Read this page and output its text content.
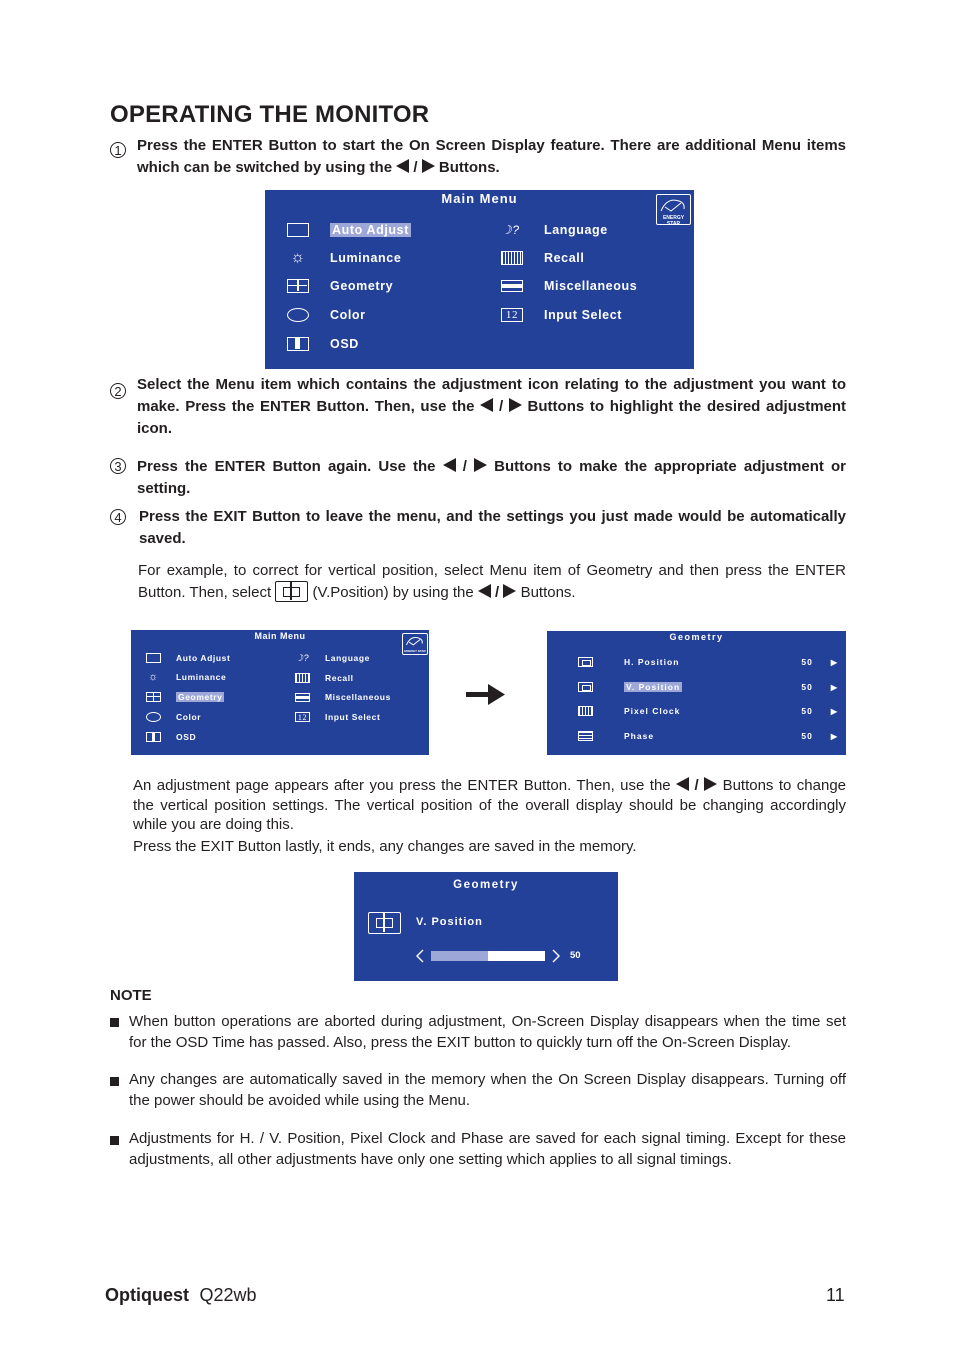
OPERATING THE MONITOR
1 Press the ENTER Button to start the On Screen Display feature. There are additional Menu items which can be switched by using the / Buttons.
Main Menu
ENERGY STAR
Auto Adjust
☼ Luminance
Geometry
Color
OSD
☽? Language
Recall
Miscellaneous
12	Input Select
2 Select the Menu item which contains the adjustment icon relating to the adjustment you want to make. Press the ENTER Button. Then, use the / Buttons to highlight the desired adjustment icon.
3 Press the ENTER Button again. Use the / Buttons to make the appropriate adjustment or setting.
4 Press the EXIT Button to leave the menu, and the settings you just made would be automatically saved.
For example, to correct for vertical position, select Menu item of Geometry and then press the ENTER Button. Then, select	(V.Position) by using the / Buttons.
Main Menu
ENERGY STAR
Auto Adjust
☼ Luminance
Geometry
Color
OSD
☽? Language
Recall
Miscellaneous
12	Input Select
Geometry
H. Position	50 ▶
V. Position	50 ▶
Pixel Clock	50 ▶
Phase	50 ▶
An adjustment page appears after you press the ENTER Button. Then, use the / Buttons to change the vertical position settings. The vertical position of the overall display should be changing accordingly while you are doing this.
Press the EXIT Button lastly, it ends, any changes are saved in the memory.
Geometry
V. Position
50
NOTE
When button operations are aborted during adjustment, On-Screen Display disappears when the time set for the OSD Time has passed. Also, press the EXIT button to quickly turn off the On-Screen Display.
Any changes are automatically saved in the memory when the On Screen Display disappears. Turning off the power should be avoided while using the Menu.
Adjustments for H. / V. Position, Pixel Clock and Phase are saved for each signal timing. Except for these adjustments, all other adjustments have only one setting which applies to all signal timings.
Optiquest Q22wb	11
